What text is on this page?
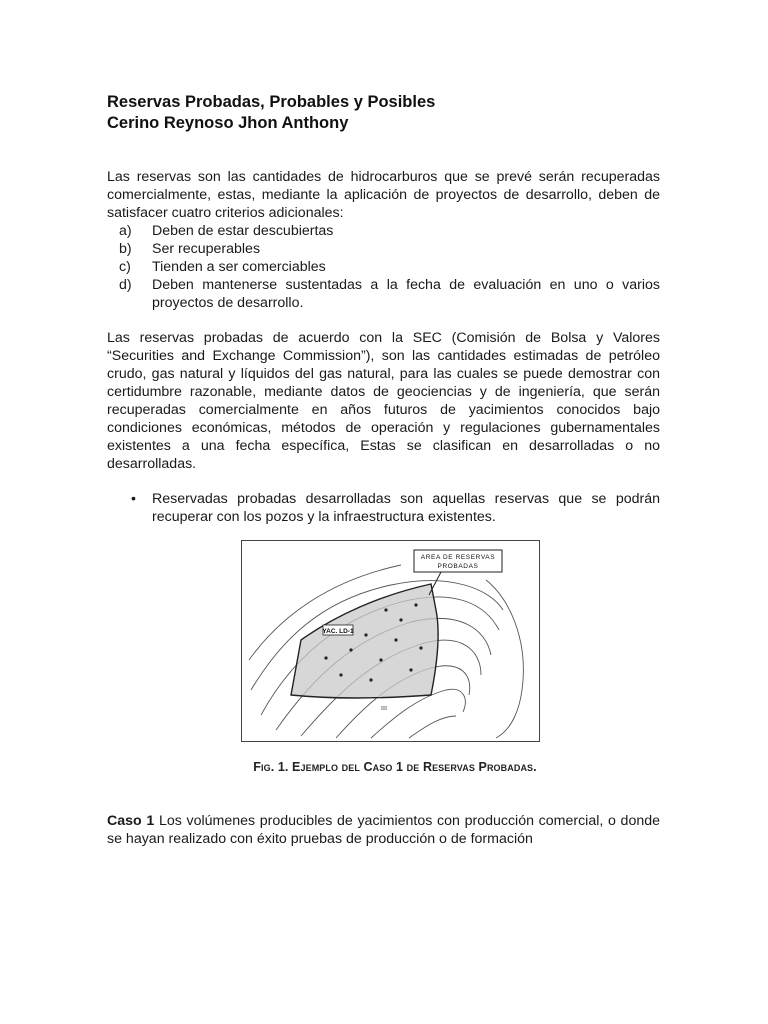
Reservas Probadas, Probables y Posibles
Cerino Reynoso Jhon Anthony

Las reservas son las cantidades de hidrocarburos que se prevé serán recuperadas comercialmente, estas, mediante la aplicación de proyectos de desarrollo, deben de satisfacer cuatro criterios adicionales:

a)	Deben de estar descubiertas
b)	Ser recuperables
c)	Tienden a ser comerciables
d)	Deben mantenerse sustentadas a la fecha de evaluación en uno o varios proyectos de desarrollo.

Las reservas probadas de acuerdo con la SEC (Comisión de Bolsa y Valores “Securities and Exchange Commission”), son las cantidades estimadas de petróleo crudo, gas natural y líquidos del gas natural, para las cuales se puede demostrar con certidumbre razonable, mediante datos de geociencias y de ingeniería, que serán recuperadas comercialmente en años futuros de yacimientos conocidos bajo condiciones económicas, métodos de operación y regulaciones gubernamentales existentes a una fecha específica, Estas se clasifican en desarrolladas o no desarrolladas.

•	Reservadas probadas desarrolladas son aquellas reservas que se podrán recuperar con los pozos y la infraestructura existentes.
YAC. LD-1
AREA DE RESERVAS
PROBADAS
III
Fig. 1. Ejemplo del Caso 1 de Reservas Probadas.

Caso 1 Los volúmenes producibles de yacimientos con producción comercial, o donde se hayan realizado con éxito pruebas de producción o de formación
